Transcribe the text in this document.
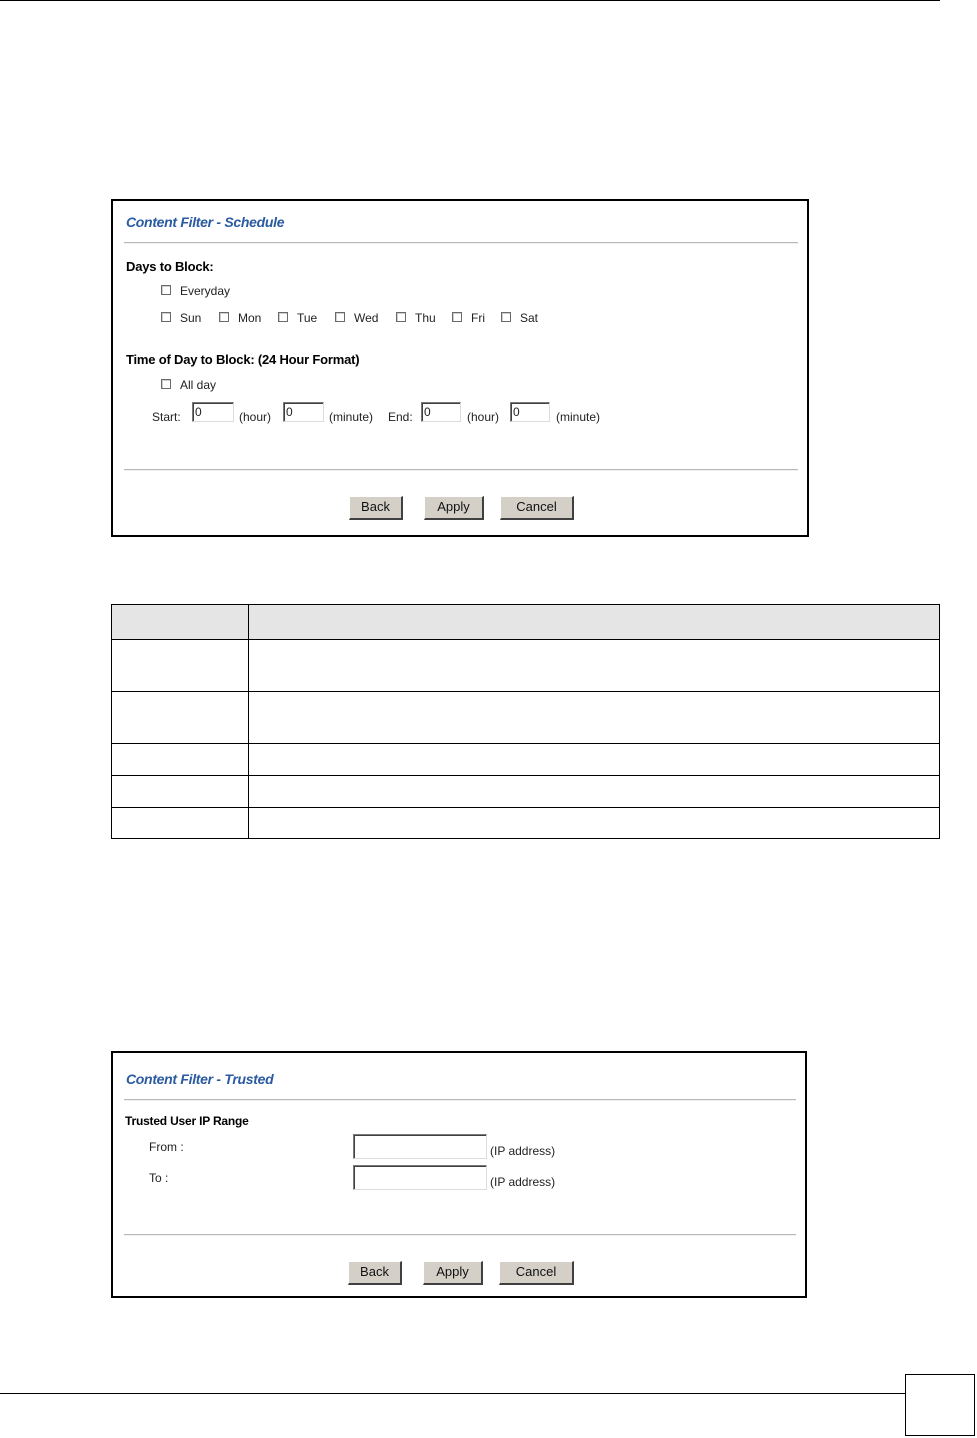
Content Filter - Schedule
Days to Block:
Everyday
Sun	Mon	Tue	Wed	Thu	Fri	Sat
Time of Day to Block: (24 Hour Format)
All day
Start: 0	(hour) 0	(minute) End: 0	(hour) 0	(minute)
Back	Apply	Cancel

Content Filter - Trusted
Trusted User IP Range
From :	(IP address)
To :	(IP address)
Back	Apply	Cancel
